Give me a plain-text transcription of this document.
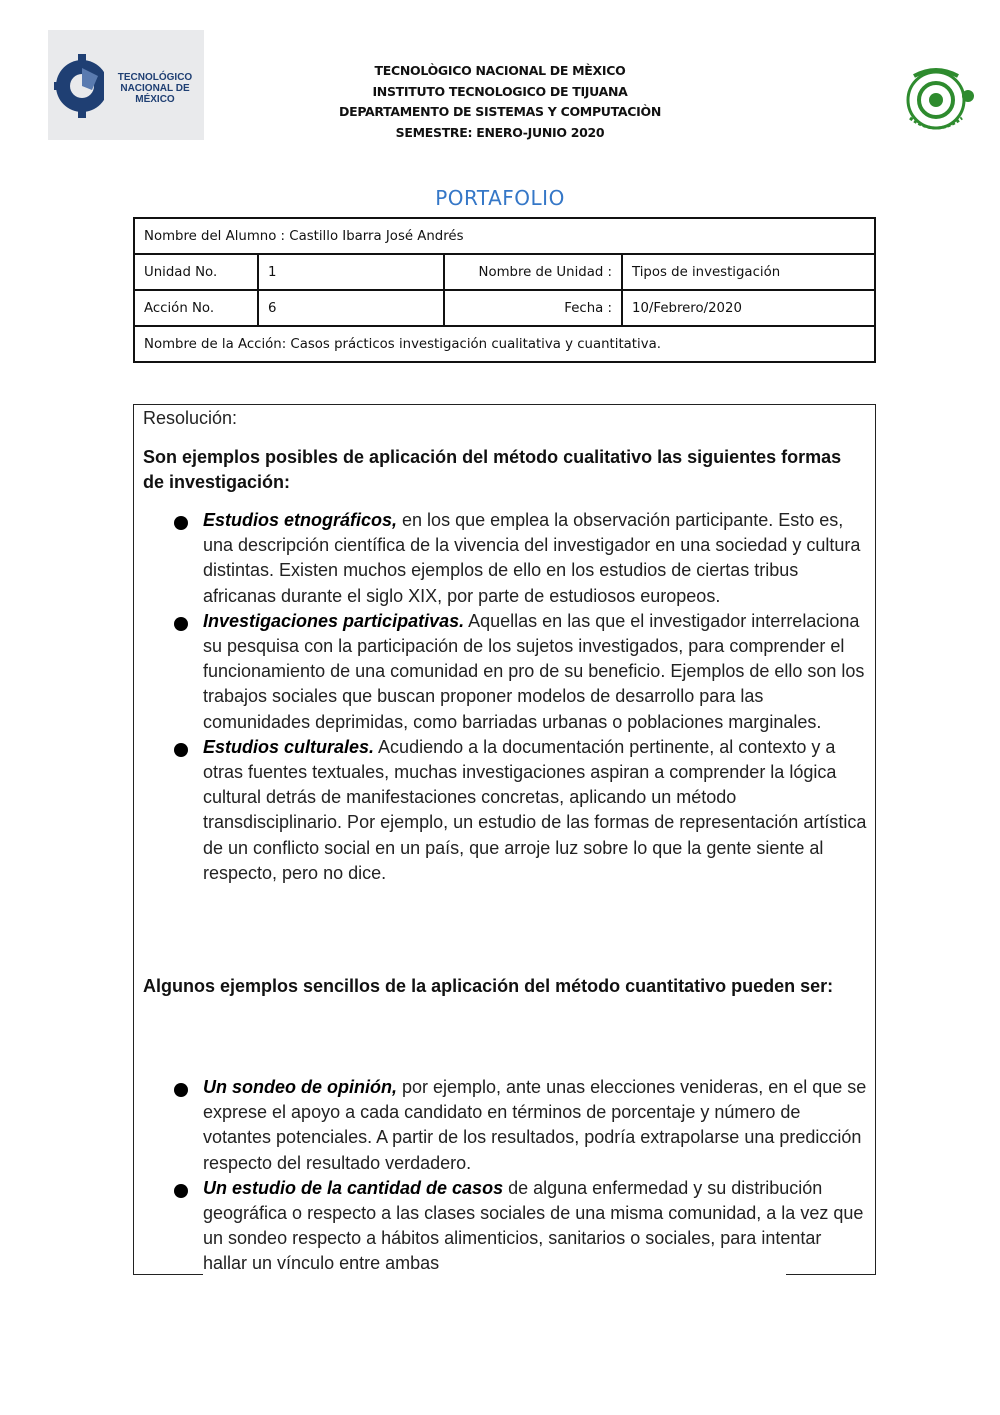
TECNOLÓGICO
NACIONAL DE MÉXICO
TECNOLÒGICO NACIONAL DE MÈXICO
INSTITUTO TECNOLOGICO DE TIJUANA
DEPARTAMENTO DE SISTEMAS Y COMPUTACIÒN
SEMESTRE: ENERO-JUNIO 2020
PORTAFOLIO
Nombre del Alumno : Castillo Ibarra José Andrés			
Unidad No.	1	Nombre de Unidad :	Tipos de investigación
Acción No.	6	Fecha :	10/Febrero/2020
Nombre de la Acción: Casos prácticos investigación cualitativa y cuantitativa.			
Resolución:
Son ejemplos posibles de aplicación del método cualitativo las siguientes formas de investigación:
Estudios etnográficos, en los que emplea la observación participante. Esto es, una descripción científica de la vivencia del investigador en una sociedad y cultura distintas. Existen muchos ejemplos de ello en los estudios de ciertas tribus africanas durante el siglo XIX, por parte de estudiosos europeos.
Investigaciones participativas. Aquellas en las que el investigador interrelaciona su pesquisa con la participación de los sujetos investigados, para comprender el funcionamiento de una comunidad en pro de su beneficio. Ejemplos de ello son los trabajos sociales que buscan proponer modelos de desarrollo para las comunidades deprimidas, como barriadas urbanas o poblaciones marginales.
Estudios culturales. Acudiendo a la documentación pertinente, al contexto y a otras fuentes textuales, muchas investigaciones aspiran a comprender la lógica cultural detrás de manifestaciones concretas, aplicando un método transdisciplinario. Por ejemplo, un estudio de las formas de representación artística de un conflicto social en un país, que arroje luz sobre lo que la gente siente al respecto, pero no dice.
Algunos ejemplos sencillos de la aplicación del método cuantitativo pueden ser:
Un sondeo de opinión, por ejemplo, ante unas elecciones venideras, en el que se exprese el apoyo a cada candidato en términos de porcentaje y número de votantes potenciales. A partir de los resultados, podría extrapolarse una predicción respecto del resultado verdadero.
Un estudio de la cantidad de casos de alguna enfermedad y su distribución geográfica o respecto a las clases sociales de una misma comunidad, a la vez que un sondeo respecto a hábitos alimenticios, sanitarios o sociales, para intentar hallar un vínculo entre ambas
